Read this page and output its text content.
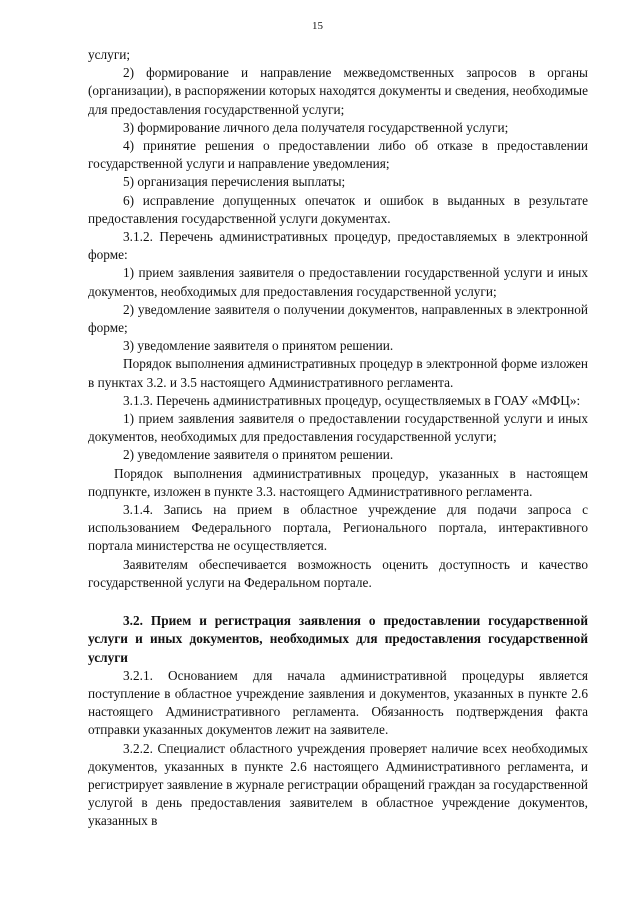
15

услуги;

2) формирование и направление межведомственных запросов в органы (организации), в распоряжении которых находятся документы и сведения, необходимые для предоставления государственной услуги;

3) формирование личного дела получателя государственной услуги;

4) принятие решения о предоставлении либо об отказе в предоставлении государственной услуги и направление уведомления;

5) организация перечисления выплаты;

6) исправление допущенных опечаток и ошибок в выданных в результате предоставления государственной услуги документах.

3.1.2. Перечень административных процедур, предоставляемых в электронной форме:

1) прием заявления заявителя о предоставлении государственной услуги и иных документов, необходимых для предоставления государственной услуги;

2) уведомление заявителя о получении документов, направленных в электронной форме;

3) уведомление заявителя о принятом решении.

Порядок выполнения административных процедур в электронной форме изложен в пунктах 3.2. и 3.5 настоящего Административного регламента.

3.1.3. Перечень административных процедур, осуществляемых в ГОАУ «МФЦ»:

1) прием заявления заявителя о предоставлении государственной услуги и иных документов, необходимых для предоставления государственной услуги;

2) уведомление заявителя о принятом решении.

Порядок выполнения административных процедур, указанных в настоящем подпункте, изложен в пункте 3.3. настоящего Административного регламента.

3.1.4. Запись на прием в областное учреждение для подачи запроса с использованием Федерального портала, Регионального портала, интерактивного портала министерства не осуществляется.

Заявителям обеспечивается возможность оценить доступность и качество государственной услуги на Федеральном портале.

3.2. Прием и регистрация заявления о предоставлении государственной услуги и иных документов, необходимых для предоставления государственной услуги

3.2.1. Основанием для начала административной процедуры является поступление в областное учреждение заявления и документов, указанных в пункте 2.6 настоящего Административного регламента. Обязанность подтверждения факта отправки указанных документов лежит на заявителе.

3.2.2. Специалист областного учреждения проверяет наличие всех необходимых документов, указанных в пункте 2.6 настоящего Административного регламента, и регистрирует заявление в журнале регистрации обращений граждан за государственной услугой в день предоставления заявителем в областное учреждение документов, указанных в
